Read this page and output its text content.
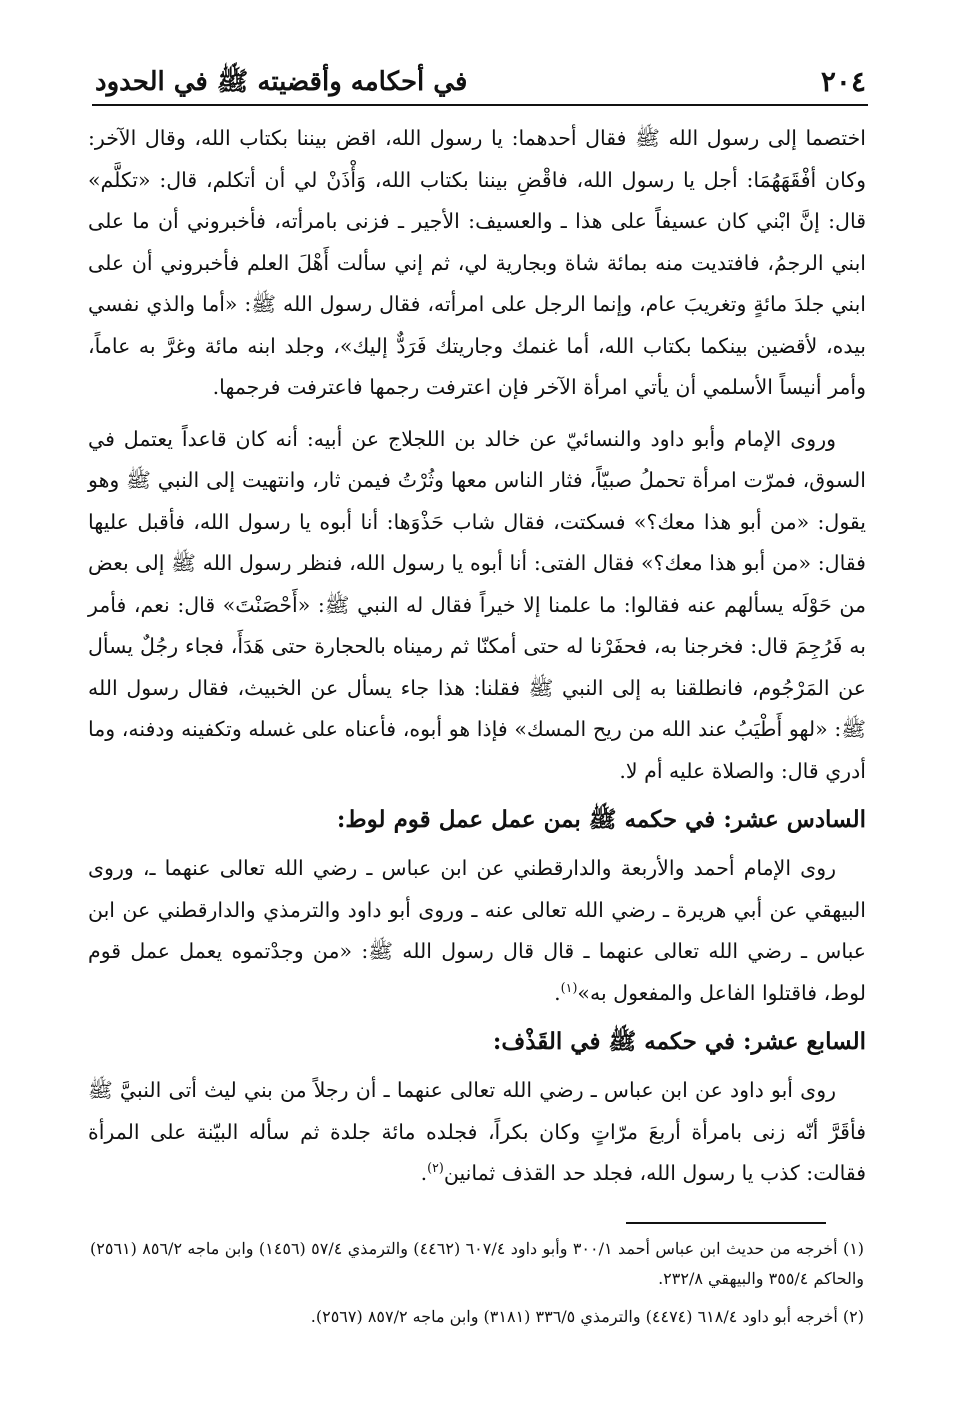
٢٠٤
في أحكامه وأقضيته ﷺ في الحدود

اختصما إلى رسول الله ﷺ فقال أحدهما: يا رسول الله، اقض بيننا بكتاب الله، وقال الآخر: وكان أفْقَهَهُمَا: أجل يا رسول الله، فاقْضِ بيننا بكتاب الله، وَأْذَنْ لي أن أتكلم، قال: «تكلَّم» قال: إنَّ ابْني كان عسيفاً على هذا ـ والعسيف: الأجير ـ فزنى بامرأته، فأخبروني أن ما على ابني الرجمُ، فافتديت منه بمائة شاة وبجارية لي، ثم إني سألت أَهْلَ العلم فأخبروني أن على ابني جلدَ مائةٍ وتغريبَ عام، وإنما الرجل على امرأته، فقال رسول الله ﷺ: «أما والذي نفسي بيده، لأقضين بينكما بكتاب الله، أما غنمك وجاريتك فَرَدٌّ إليك»، وجلد ابنه مائة وغرَّ به عاماً، وأمر أنيساً الأسلمي أن يأتي امرأة الآخر فإن اعترفت رجمها فاعترفت فرجمها.

وروى الإمام وأبو داود والنسائيّ عن خالد بن اللجلاج عن أبيه: أنه كان قاعداً يعتمل في السوق، فمرّت امرأة تحملُ صبيّاً، فثار الناس معها وثُرْتُ فيمن ثار، وانتهيت إلى النبي ﷺ وهو يقول: «من أبو هذا معك؟» فسكتت، فقال شاب حَذْوَها: أنا أبوه يا رسول الله، فأقبل عليها فقال: «من أبو هذا معك؟» فقال الفتى: أنا أبوه يا رسول الله، فنظر رسول الله ﷺ إلى بعض من حَوْلَه يسألهم عنه فقالوا: ما علمنا إلا خيراً فقال له النبي ﷺ: «أَحْصَنْتَ» قال: نعم، فأمر به فَرُجِمَ قال: فخرجنا به، فحفَرْنا له حتى أمكنّا ثم رميناه بالحجارة حتى هَدَأَ، فجاء رجُلٌ يسأل عن المَرْجُوم، فانطلقنا به إلى النبي ﷺ فقلنا: هذا جاء يسأل عن الخبيث، فقال رسول الله ﷺ: «لهو أَطْيَبُ عند الله من ريح المسك» فإذا هو أبوه، فأعناه على غسله وتكفينه ودفنه، وما أدري قال: والصلاة عليه أم لا.

السادس عشر: في حكمه ﷺ بمن عمل عمل قوم لوط:

روى الإمام أحمد والأربعة والدارقطني عن ابن عباس ـ رضي الله تعالى عنهما ـ، وروى البيهقي عن أبي هريرة ـ رضي الله تعالى عنه ـ وروى أبو داود والترمذي والدارقطني عن ابن عباس ـ رضي الله تعالى عنهما ـ قال قال رسول الله ﷺ: «من وجدْتموه يعمل عمل قوم لوط، فاقتلوا الفاعل والمفعول به»$^{(١)}$.

السابع عشر: في حكمه ﷺ في القَذْف:

روى أبو داود عن ابن عباس ـ رضي الله تعالى عنهما ـ أن رجلاً من بني ليث أتى النبيَّ ﷺ فأقَرَّ أنّه زنى بامرأة أربعَ مرّاتٍ وكان بكراً، فجلده مائة جلدة ثم سأله البيّنة على المرأة فقالت: كذب يا رسول الله، فجلد حد القذف ثمانين$^{(٢)}$.

(١) أخرجه من حديث ابن عباس أحمد ٣٠٠/١ وأبو داود ٦٠٧/٤ (٤٤٦٢) والترمذي ٥٧/٤ (١٤٥٦) وابن ماجه ٨٥٦/٢ (٢٥٦١) والحاكم ٣٥٥/٤ والبيهقي ٢٣٢/٨.

(٢) أخرجه أبو داود ٦١٨/٤ (٤٤٧٤) والترمذي ٣٣٦/٥ (٣١٨١) وابن ماجه ٨٥٧/٢ (٢٥٦٧).
